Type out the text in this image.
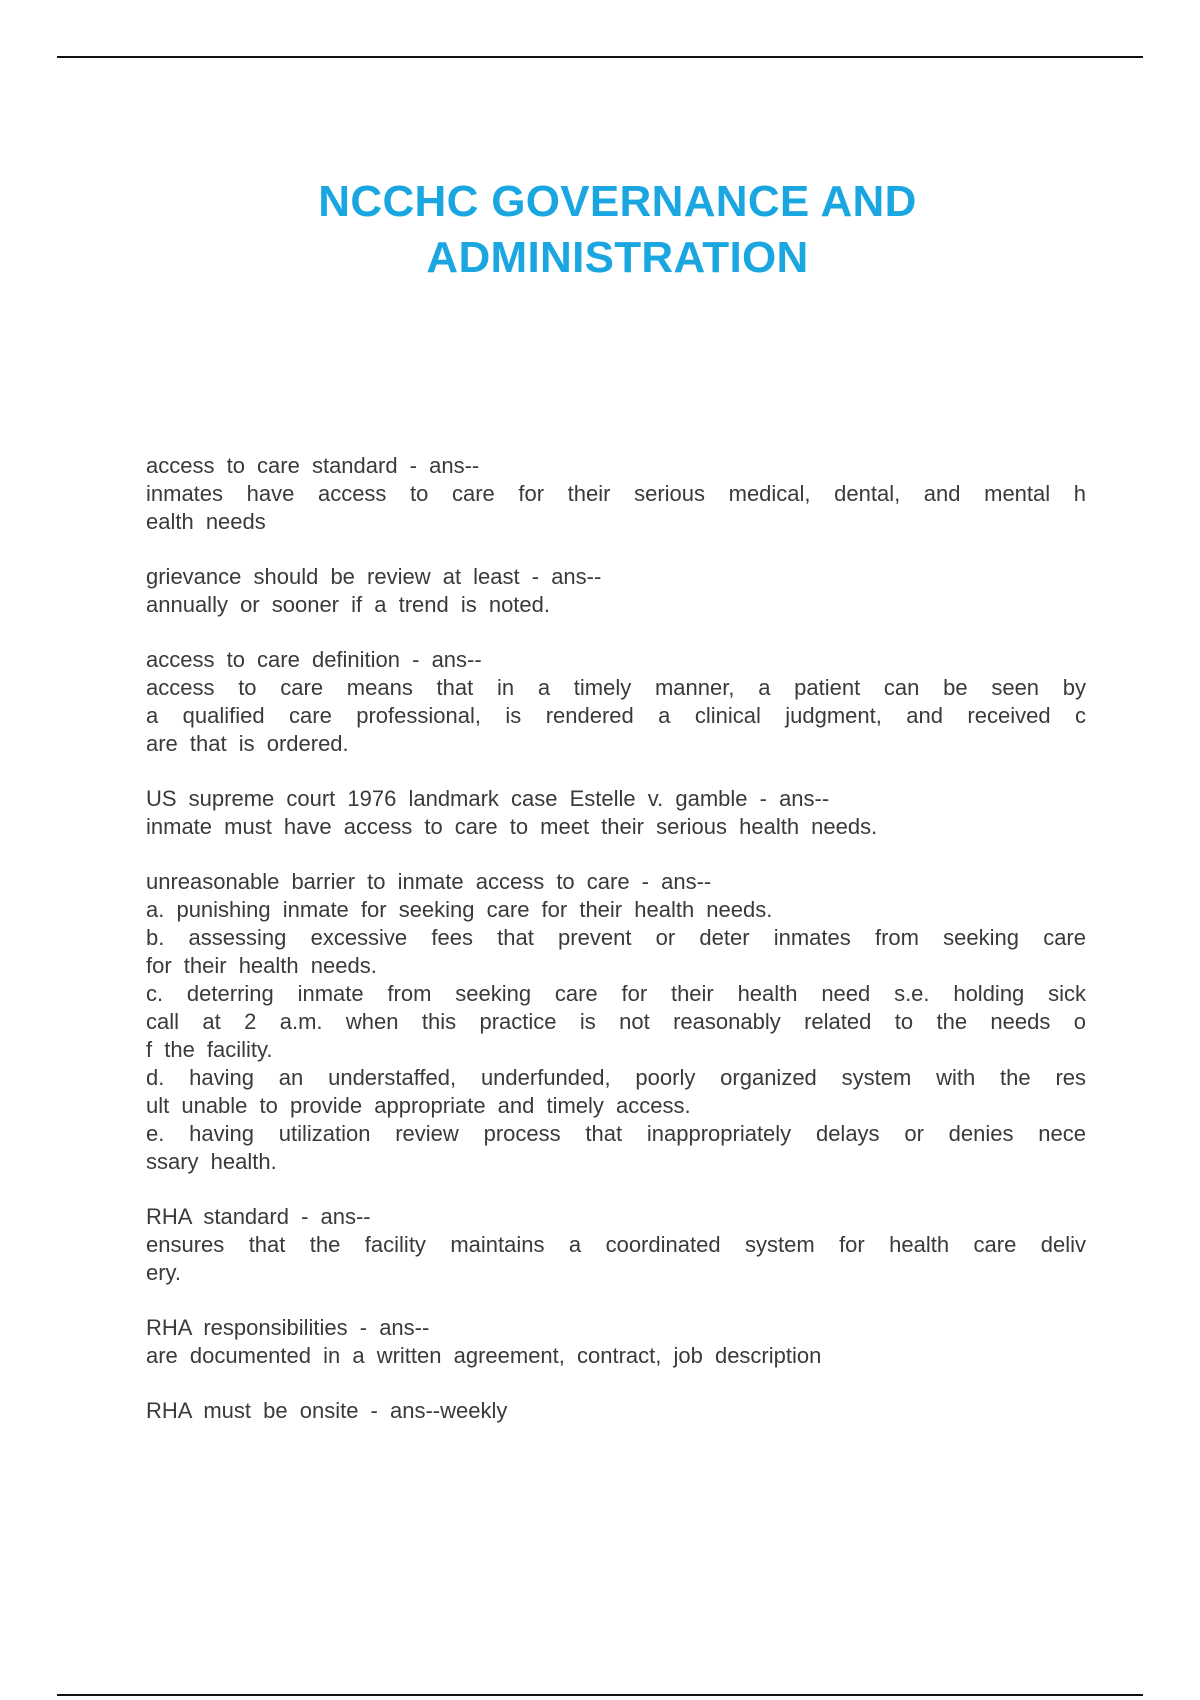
NCCHC GOVERNANCE AND
ADMINISTRATION
access to care standard - ans--
inmates have access to care for their serious medical, dental, and mental h
ealth needs
grievance should be review at least - ans--
annually or sooner if a trend is noted.
access to care definition - ans--
access to care means that in a timely manner, a patient can be seen by
a qualified care professional, is rendered a clinical judgment, and received c
are that is ordered.
US supreme court 1976 landmark case Estelle v. gamble - ans--
inmate must have access to care to meet their serious health needs.
unreasonable barrier to inmate access to care - ans--
a. punishing inmate for seeking care for their health needs.
b. assessing excessive fees that prevent or deter inmates from seeking care
for their health needs.
c. deterring inmate from seeking care for their health need s.e. holding sick
call at 2 a.m. when this practice is not reasonably related to the needs o
f the facility.
d. having an understaffed, underfunded, poorly organized system with the res
ult unable to provide appropriate and timely access.
e. having utilization review process that inappropriately delays or denies nece
ssary health.
RHA standard - ans--
ensures that the facility maintains a coordinated system for health care deliv
ery.
RHA responsibilities - ans--
are documented in a written agreement, contract, job description
RHA must be onsite - ans--weekly
